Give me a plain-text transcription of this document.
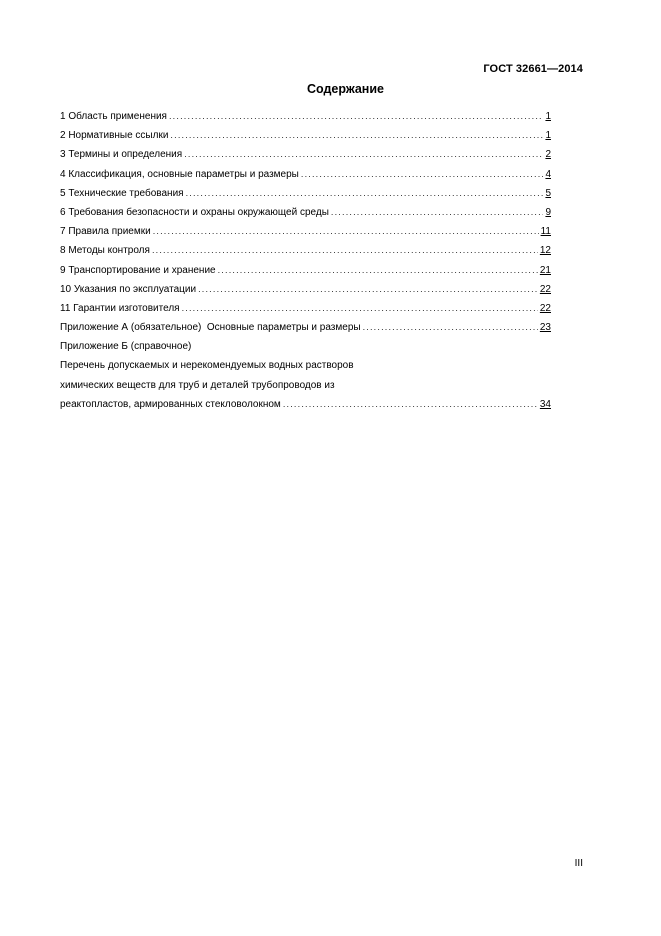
ГОСТ 32661—2014
Содержание
1 Область применения .....	1
2 Нормативные ссылки .....	1
3 Термины и определения .....	2
4 Классификация, основные параметры и размеры .....	4
5 Технические требования .....	5
6 Требования безопасности и охраны окружающей среды .....	9
7 Правила приемки .....	11
8 Методы контроля .....	12
9 Транспортирование и хранение .....	21
10 Указания по эксплуатации .....	22
11 Гарантии изготовителя .....	22
Приложение А (обязательное)  Основные параметры и размеры .....	23
Приложение Б (справочное)
Перечень допускаемых и нерекомендуемых водных растворов
химических веществ для труб и деталей трубопроводов из
реактопластов, армированных стекловолокном .....	34
III
